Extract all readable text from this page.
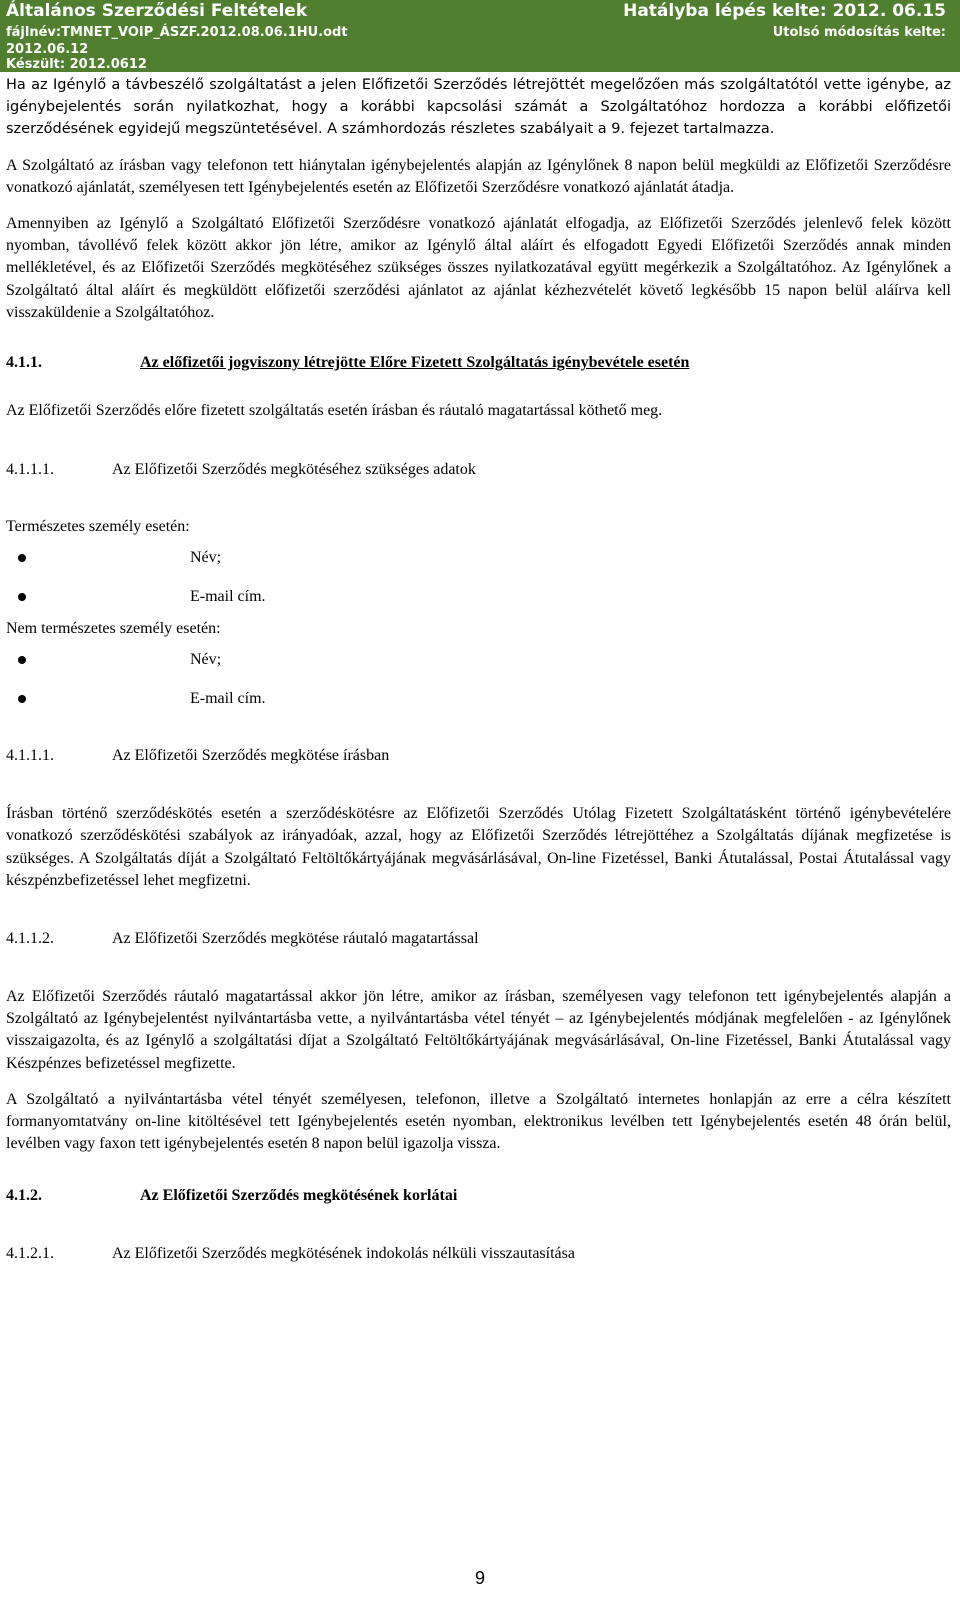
Általános Szerződési Feltételek	Hatályba lépés kelte: 2012. 06.15
fájlnév:TMNET_VOIP_ÁSZF.2012.08.06.1HU.odt	Utolsó módosítás kelte:
2012.06.12
Készült: 2012.0612

Ha az Igénylő a távbeszélő szolgáltatást a jelen Előfizetői Szerződés létrejöttét megelőzően más szolgáltatótól vette igénybe, az igénybejelentés során nyilatkozhat, hogy a korábbi kapcsolási számát a Szolgáltatóhoz hordozza a korábbi előfizetői szerződésének egyidejű megszüntetésével. A számhordozás részletes szabályait a 9. fejezet tartalmazza.

A Szolgáltató az írásban vagy telefonon tett hiánytalan igénybejelentés alapján az Igénylőnek 8 napon belül megküldi az Előfizetői Szerződésre vonatkozó ajánlatát, személyesen tett Igénybejelentés esetén az Előfizetői Szerződésre vonatkozó ajánlatát átadja.

Amennyiben az Igénylő a Szolgáltató Előfizetői Szerződésre vonatkozó ajánlatát elfogadja, az Előfizetői Szerződés jelenlevő felek között nyomban, távollévő felek között akkor jön létre, amikor az Igénylő által aláírt és elfogadott Egyedi Előfizetői Szerződés annak minden mellékletével, és az Előfizetői Szerződés megkötéséhez szükséges összes nyilatkozatával együtt megérkezik a Szolgáltatóhoz. Az Igénylőnek a Szolgáltató által aláírt és megküldött előfizetői szerződési ajánlatot az ajánlat kézhezvételét követő legkésőbb 15 napon belül aláírva kell visszaküldenie a Szolgáltatóhoz.

4.1.1.	Az előfizetői jogviszony létrejötte Előre Fizetett Szolgáltatás igénybevétele esetén

Az Előfizetői Szerződés előre fizetett szolgáltatás esetén írásban és ráutaló magatartással köthető meg.

4.1.1.1.	Az Előfizetői Szerződés megkötéséhez szükséges adatok
Természetes személy esetén:
Név;
E-mail cím.
Nem természetes személy esetén:
Név;
E-mail cím.
4.1.1.1.	Az Előfizetői Szerződés megkötése írásban

Írásban történő szerződéskötés esetén a szerződéskötésre az Előfizetői Szerződés Utólag Fizetett Szolgáltatásként történő igénybevételére vonatkozó szerződéskötési szabályok az irányadóak, azzal, hogy az Előfizetői Szerződés létrejöttéhez a Szolgáltatás díjának megfizetése is szükséges. A Szolgáltatás díját a Szolgáltató Feltöltőkártyájának megvásárlásával, On-line Fizetéssel, Banki Átutalással, Postai Átutalással vagy készpénzbefizetéssel lehet megfizetni.

4.1.1.2.	Az Előfizetői Szerződés megkötése ráutaló magatartással

Az Előfizetői Szerződés ráutaló magatartással akkor jön létre, amikor az írásban, személyesen vagy telefonon tett igénybejelentés alapján a Szolgáltató az Igénybejelentést nyilvántartásba vette, a nyilvántartásba vétel tényét – az Igénybejelentés módjának megfelelően - az Igénylőnek visszaigazolta, és az Igénylő a szolgáltatási díjat a Szolgáltató Feltöltőkártyájának megvásárlásával, On-line Fizetéssel, Banki Átutalással vagy Készpénzes befizetéssel megfizette.

A Szolgáltató a nyilvántartásba vétel tényét személyesen, telefonon, illetve a Szolgáltató internetes honlapján az erre a célra készített formanyomtatvány on-line kitöltésével tett Igénybejelentés esetén nyomban, elektronikus levélben tett Igénybejelentés esetén 48 órán belül, levélben vagy faxon tett igénybejelentés esetén 8 napon belül igazolja vissza.

4.1.2.	Az Előfizetői Szerződés megkötésének korlátai
4.1.2.1.	Az Előfizetői Szerződés megkötésének indokolás nélküli visszautasítása
9
